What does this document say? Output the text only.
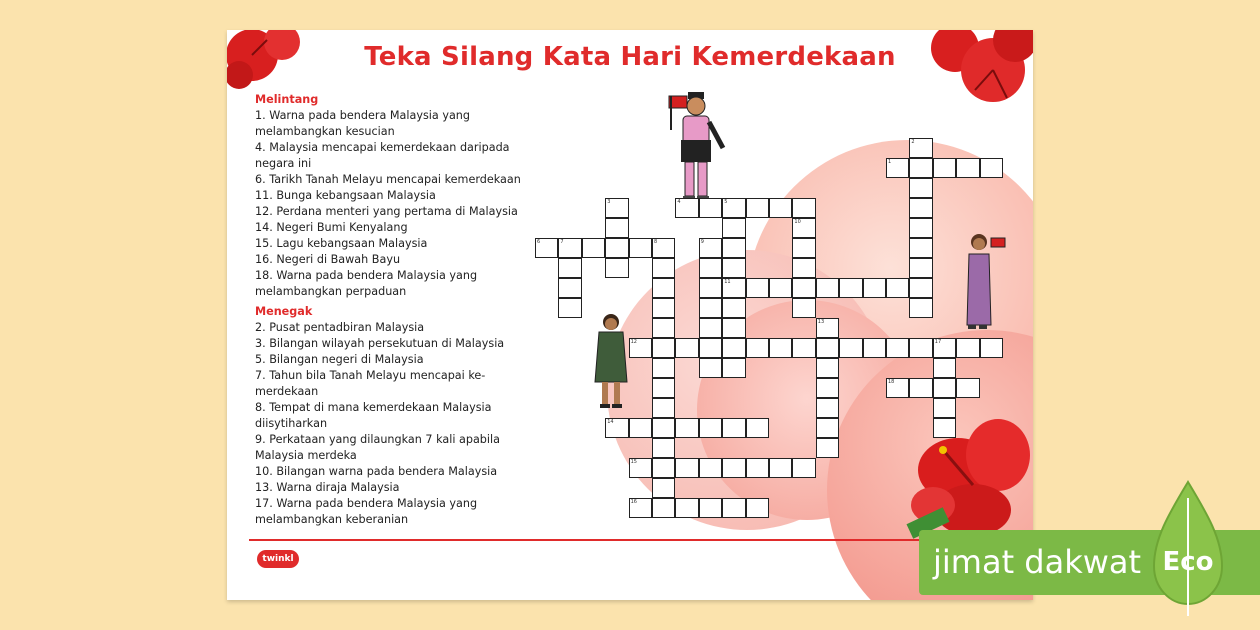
Teka Silang Kata Hari Kemerdekaan
Melintang
1. Warna pada bendera Malaysia yang
melambangkan kesucian
4. Malaysia mencapai kemerdekaan daripada
negara ini
6. Tarikh Tanah Melayu mencapai kemerdekaan
11. Bunga kebangsaan Malaysia
12. Perdana menteri yang pertama di Malaysia
14. Negeri Bumi Kenyalang
15. Lagu kebangsaan Malaysia
16. Negeri di Bawah Bayu
18. Warna pada bendera Malaysia yang
melambangkan perpaduan
Menegak
2. Pusat pentadbiran Malaysia
3. Bilangan wilayah persekutuan di Malaysia
5. Bilangan negeri di Malaysia
7. Tahun bila Tanah Melayu mencapai ke-
merdekaan
8. Tempat di mana kemerdekaan Malaysia
diisytiharkan
9. Perkataan yang dilaungkan 7 kali apabila
Malaysia merdeka
10. Bilangan warna pada bendera Malaysia
13. Warna diraja Malaysia
17. Warna pada bendera Malaysia yang
melambangkan keberanian
2
1
3	4	5
10
6	7	8	9
11
13
12	17
18
14
15
16
twinkl	jimat dakwat Eco
